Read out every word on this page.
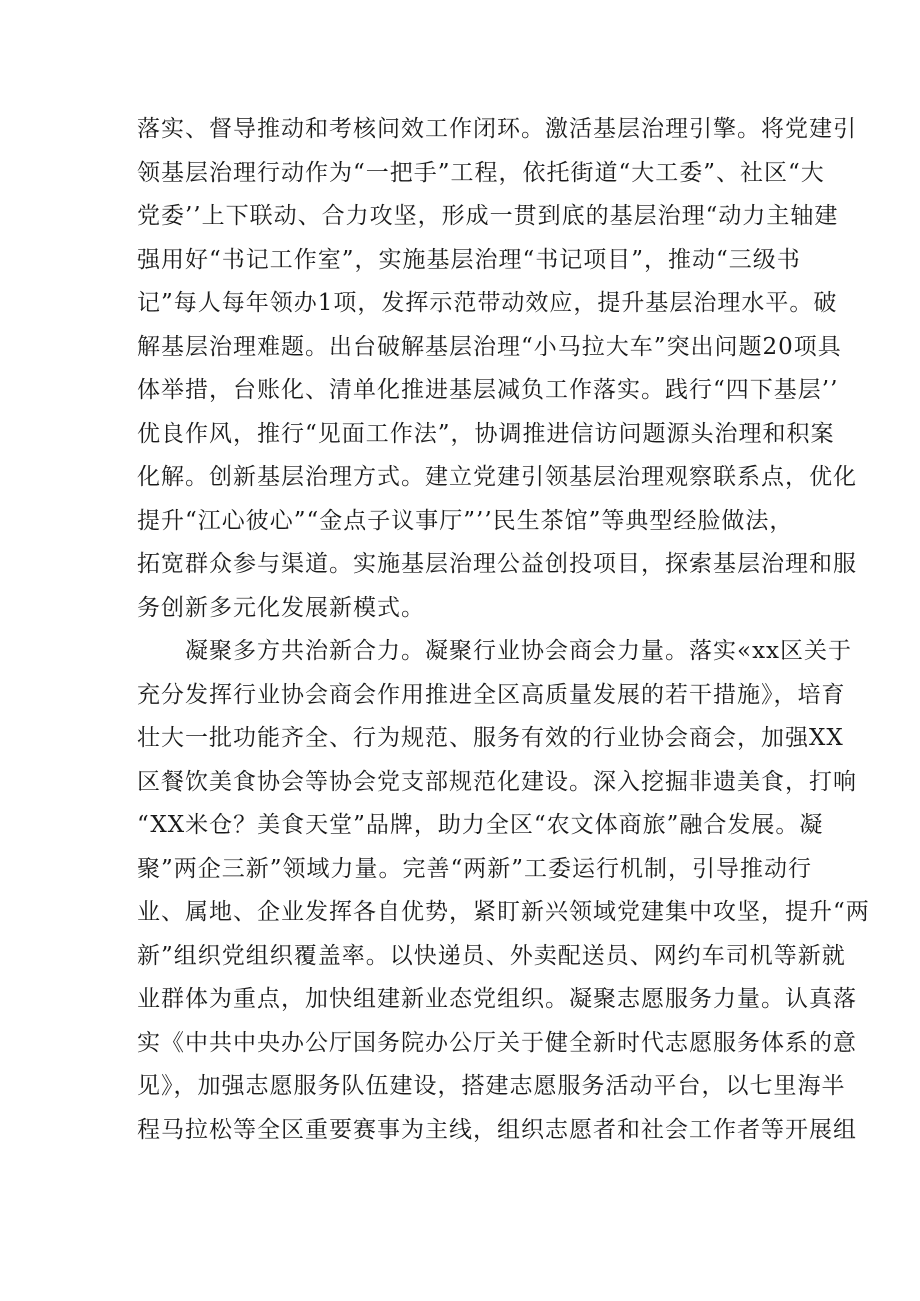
落实、督导推动和考核问效工作闭环。激活基层治理引擎。将党建引
领基层治理行动作为“一把手”工程，依托街道“大工委”、社区“大
党委’’上下联动、合力攻坚，形成一贯到底的基层治理“动力主轴建
强用好“书记工作室”，实施基层治理“书记项目”，推动“三级书
记”每人每年领办1项，发挥示范带动效应，提升基层治理水平。破
解基层治理难题。出台破解基层治理“小马拉大车”突出问题20项具
体举措，台账化、清单化推进基层减负工作落实。践行“四下基层’’
优良作风，推行“见面工作法”，协调推进信访问题源头治理和积案
化解。创新基层治理方式。建立党建引领基层治理观察联系点，优化
提升“江心彼心”“金点子议事厅”’’民生茶馆”等典型经脸做法，
拓宽群众参与渠道。实施基层治理公益创投项目，探索基层治理和服
务创新多元化发展新模式。
凝聚多方共治新合力。凝聚行业协会商会力量。落实«xx区关于
充分发挥行业协会商会作用推进全区高质量发展的若干措施》，培育
壮大一批功能齐全、行为规范、服务有效的行业协会商会，加强XX
区餐饮美食协会等协会党支部规范化建设。深入挖掘非遗美食，打响
“XX米仓？美食天堂”品牌，助力全区“农文体商旅”融合发展。凝
聚”两企三新”领域力量。完善“两新”工委运行机制，引导推动行
业、属地、企业发挥各自优势，紧盯新兴领域党建集中攻坚，提升“两
新”组织党组织覆盖率。以快递员、外卖配送员、网约车司机等新就
业群体为重点，加快组建新业态党组织。凝聚志愿服务力量。认真落
实《中共中央办公厅国务院办公厅关于健全新时代志愿服务体系的意
见》，加强志愿服务队伍建设，搭建志愿服务活动平台，以七里海半
程马拉松等全区重要赛事为主线，组织志愿者和社会工作者等开展组
